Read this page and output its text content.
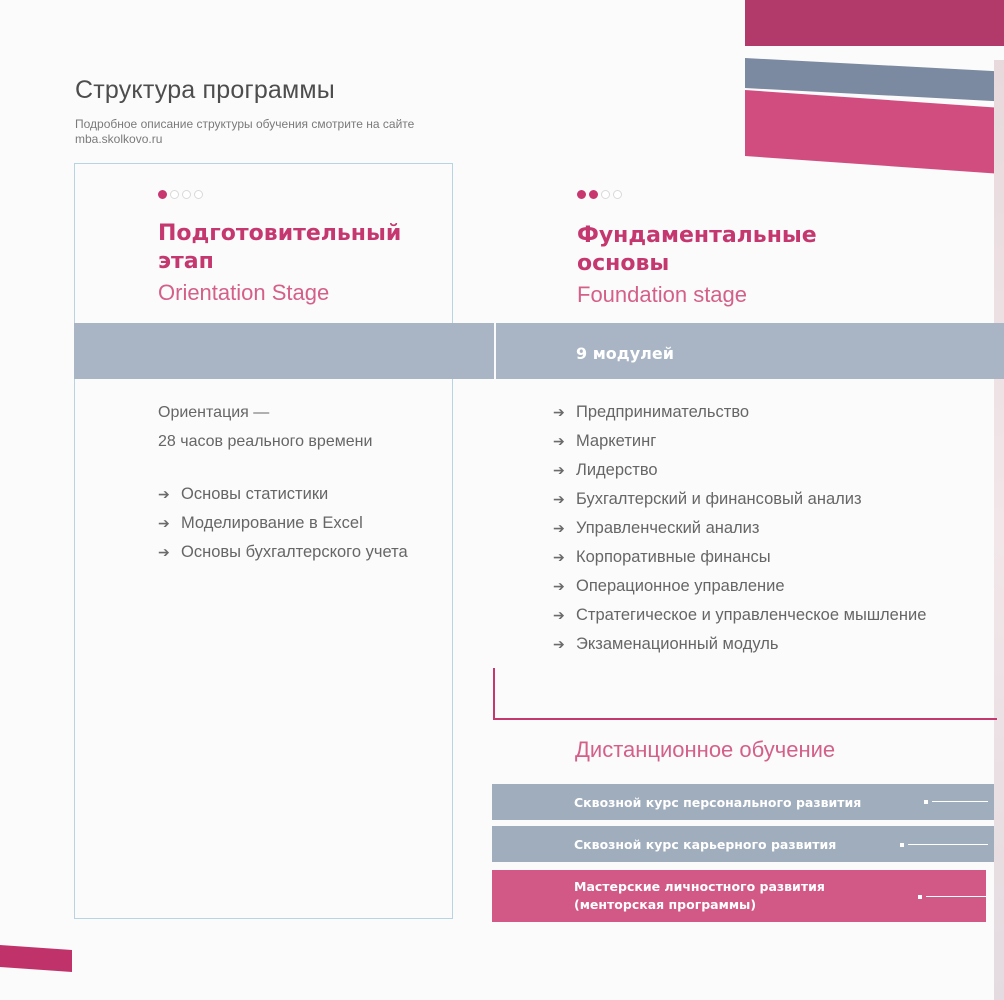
Структура программы
Подробное описание структуры обучения смотрите на сайте mba.skolkovo.ru
Подготовительный этап
Orientation Stage
Фундаментальные основы
Foundation stage
9 модулей
Ориентация —
28 часов реального времени
➔ Основы статистики
➔ Моделирование в Excel
➔ Основы бухгалтерского учета
➔ Предпринимательство
➔ Маркетинг
➔ Лидерство
➔ Бухгалтерский и финансовый анализ
➔ Управленческий анализ
➔ Корпоративные финансы
➔ Операционное управление
➔ Стратегическое и управленческое мышление
➔ Экзаменационный модуль
Дистанционное обучение
Сквозной курс персонального развития
Сквозной курс карьерного развития
Мастерские личностного развития (менторская программы)
